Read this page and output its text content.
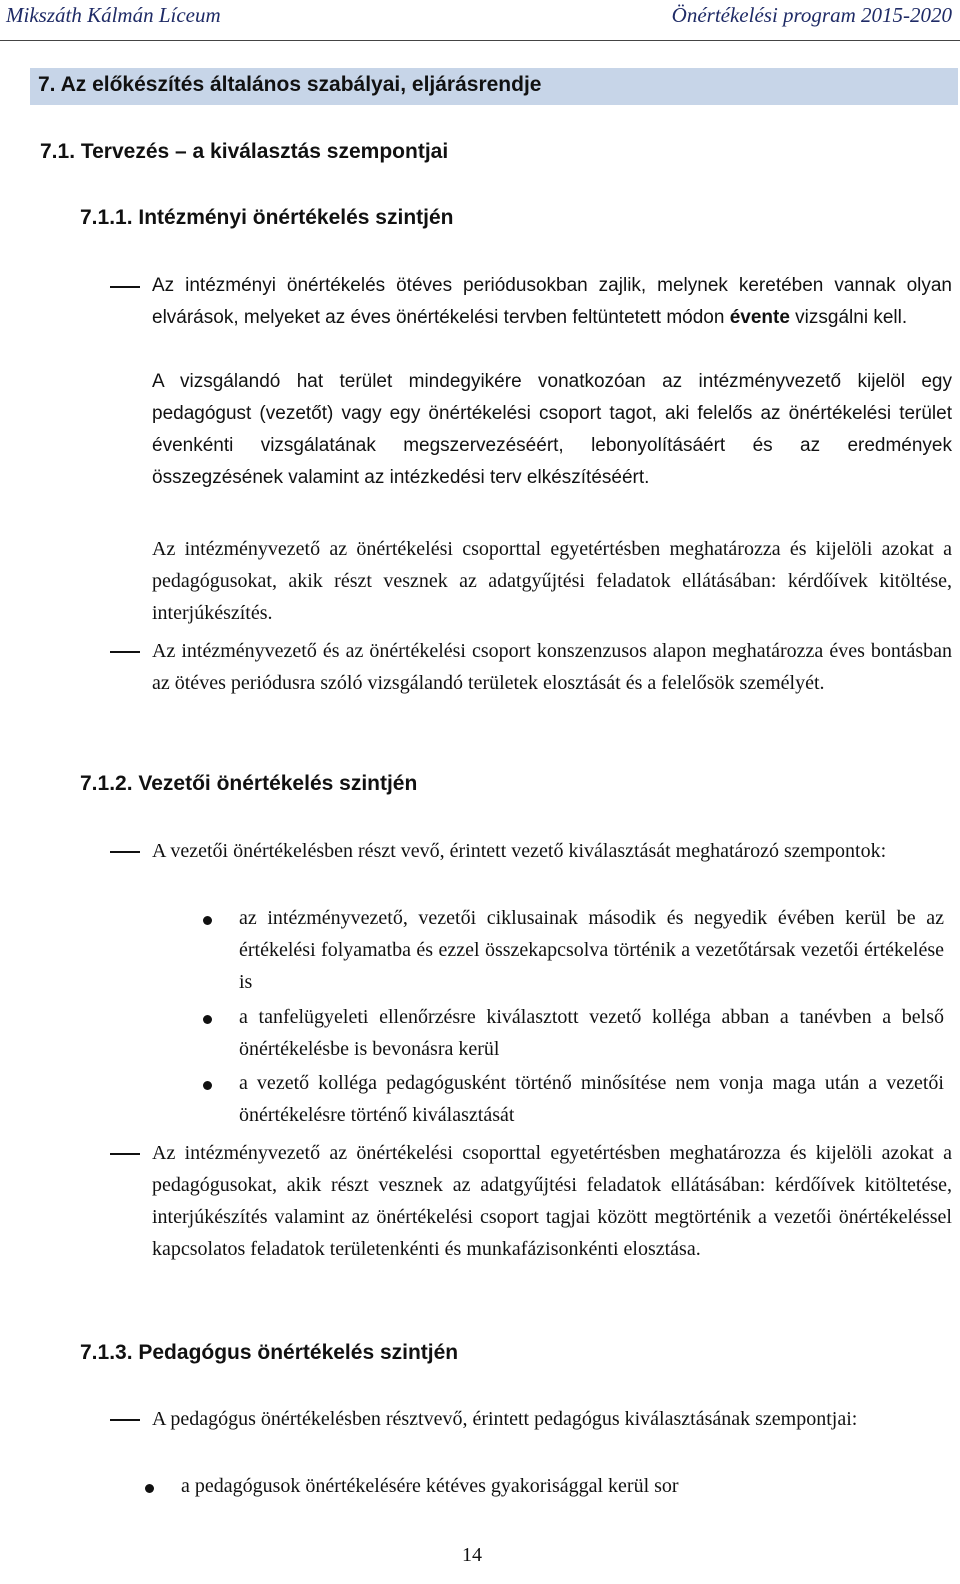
Mikszáth Kálmán Líceum	Önértékelési program 2015-2020
7. Az előkészítés általános szabályai, eljárásrendje
7.1. Tervezés – a kiválasztás szempontjai
7.1.1. Intézményi önértékelés szintjén
Az intézményi önértékelés ötéves periódusokban zajlik, melynek keretében vannak olyan elvárások, melyeket az éves önértékelési tervben feltüntetett módon évente vizsgálni kell.
A vizsgálandó hat terület mindegyikére vonatkozóan az intézményvezető kijelöl egy pedagógust (vezetőt) vagy egy önértékelési csoport tagot, aki felelős az önértékelési terület évenkénti vizsgálatának megszervezéséért, lebonyolításáért és az eredmények összegzésének valamint az intézkedési terv elkészítéséért.
Az intézményvezető az önértékelési csoporttal egyetértésben meghatározza és kijelöli azokat a pedagógusokat, akik részt vesznek az adatgyűjtési feladatok ellátásában: kérdőívek kitöltése, interjúkészítés.
Az intézményvezető és az önértékelési csoport konszenzusos alapon meghatározza éves bontásban az ötéves periódusra szóló vizsgálandó területek elosztását és a felelősök személyét.
7.1.2. Vezetői önértékelés szintjén
A vezetői önértékelésben részt vevő, érintett vezető kiválasztását meghatározó szempontok:
az intézményvezető, vezetői ciklusainak második és negyedik évében kerül be az értékelési folyamatba és ezzel összekapcsolva történik a vezetőtársak vezetői értékelése is
a tanfelügyeleti ellenőrzésre kiválasztott vezető kolléga abban a tanévben a belső önértékelésbe is bevonásra kerül
a vezető kolléga pedagógusként történő minősítése nem vonja maga után a vezetői önértékelésre történő kiválasztását
Az intézményvezető az önértékelési csoporttal egyetértésben meghatározza és kijelöli azokat a pedagógusokat, akik részt vesznek az adatgyűjtési feladatok ellátásában: kérdőívek kitöltetése, interjúkészítés valamint az önértékelési csoport tagjai között megtörténik a vezetői önértékeléssel kapcsolatos feladatok területenkénti és munkafázisonkénti elosztása.
7.1.3. Pedagógus önértékelés szintjén
A pedagógus önértékelésben résztvevő, érintett pedagógus kiválasztásának szempontjai:
a pedagógusok önértékelésére kétéves gyakorisággal kerül sor
14
